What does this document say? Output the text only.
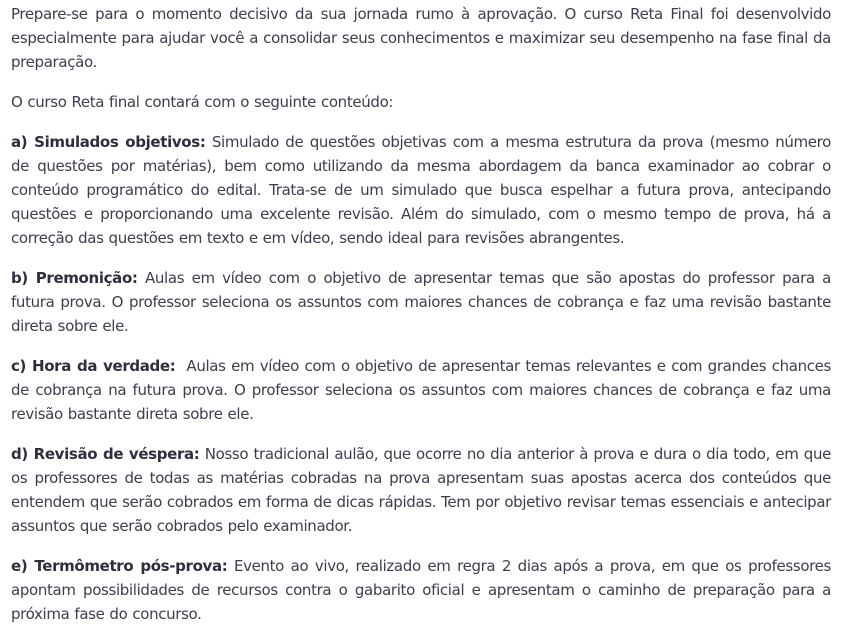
Prepare-se para o momento decisivo da sua jornada rumo à aprovação. O curso Reta Final foi desenvolvido especialmente para ajudar você a consolidar seus conhecimentos e maximizar seu desempenho na fase final da preparação.

O curso Reta final contará com o seguinte conteúdo:

a) Simulados objetivos: Simulado de questões objetivas com a mesma estrutura da prova (mesmo número de questões por matérias), bem como utilizando da mesma abordagem da banca examinador ao cobrar o conteúdo programático do edital. Trata-se de um simulado que busca espelhar a futura prova, antecipando questões e proporcionando uma excelente revisão. Além do simulado, com o mesmo tempo de prova, há a correção das questões em texto e em vídeo, sendo ideal para revisões abrangentes.

b) Premonição: Aulas em vídeo com o objetivo de apresentar temas que são apostas do professor para a futura prova. O professor seleciona os assuntos com maiores chances de cobrança e faz uma revisão bastante direta sobre ele.

c) Hora da verdade:  Aulas em vídeo com o objetivo de apresentar temas relevantes e com grandes chances de cobrança na futura prova. O professor seleciona os assuntos com maiores chances de cobrança e faz uma revisão bastante direta sobre ele.

d) Revisão de véspera: Nosso tradicional aulão, que ocorre no dia anterior à prova e dura o dia todo, em que os professores de todas as matérias cobradas na prova apresentam suas apostas acerca dos conteúdos que entendem que serão cobrados em forma de dicas rápidas. Tem por objetivo revisar temas essenciais e antecipar assuntos que serão cobrados pelo examinador.

e) Termômetro pós-prova: Evento ao vivo, realizado em regra 2 dias após a prova, em que os professores apontam possibilidades de recursos contra o gabarito oficial e apresentam o caminho de preparação para a próxima fase do concurso.
